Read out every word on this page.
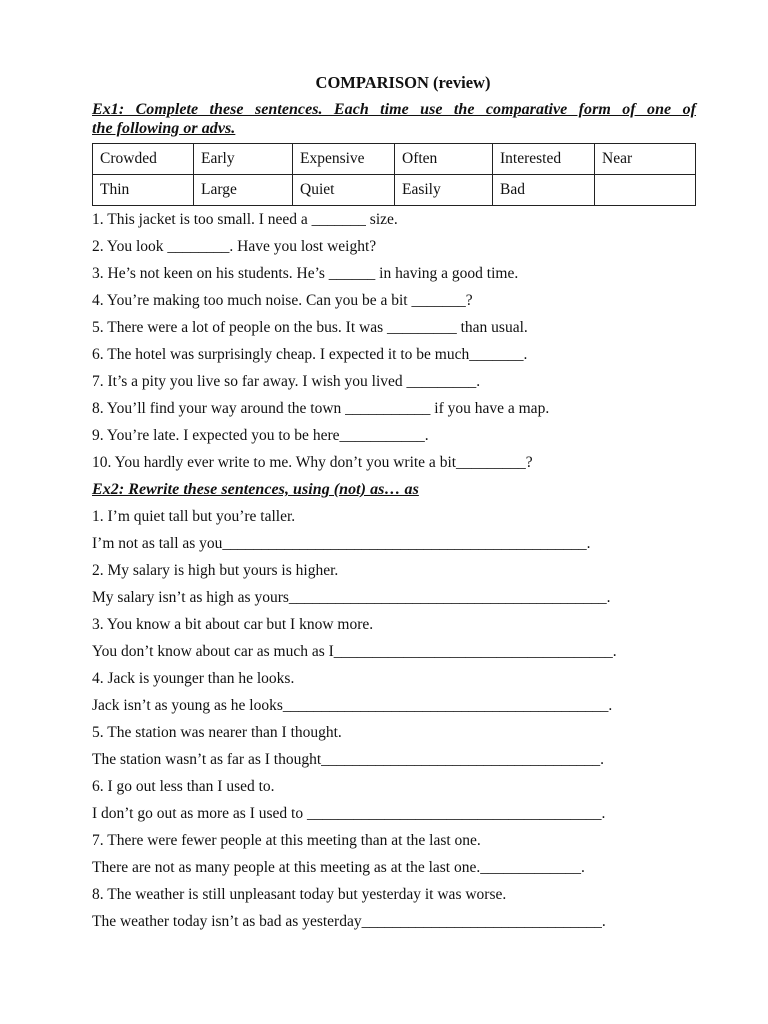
COMPARISON (review)
Ex1: Complete these sentences. Each time use the comparative form of one of
the following or advs.
Crowded	Early	Expensive	Often	Interested	Near
Thin	Large	Quiet	Easily	Bad	
1. This jacket is too small. I need a _______ size.
2. You look ________. Have you lost weight?
3. He’s not keen on his students. He’s ______ in having a good time.
4. You’re making too much noise. Can you be a bit _______?
5. There were a lot of people on the bus. It was _________ than usual.
6. The hotel was surprisingly cheap. I expected it to be much_______.
7. It’s a pity you live so far away. I wish you lived _________.
8. You’ll find your way around the town ___________ if you have a map.
9. You’re late. I expected you to be here___________.
10. You hardly ever write to me. Why don’t you write a bit_________?
Ex2: Rewrite these sentences, using (not) as… as
1. I’m quiet tall but you’re taller.
I’m not as tall as you_______________________________________________.
2. My salary is high but yours is higher.
My salary isn’t as high as yours_________________________________________.
3. You know a bit about car but I know more.
You don’t know about car as much as I____________________________________.
4. Jack is younger than he looks.
Jack isn’t as young as he looks__________________________________________.
5. The station was nearer than I thought.
The station wasn’t as far as I thought____________________________________.
6. I go out less than I used to.
I don’t go out as more as I used to ______________________________________.
7. There were fewer people at this meeting than at the last one.
There are not as many people at this meeting as at the last one._____________.
8. The weather is still unpleasant today but yesterday it was worse.
The weather today isn’t as bad as yesterday_______________________________.
